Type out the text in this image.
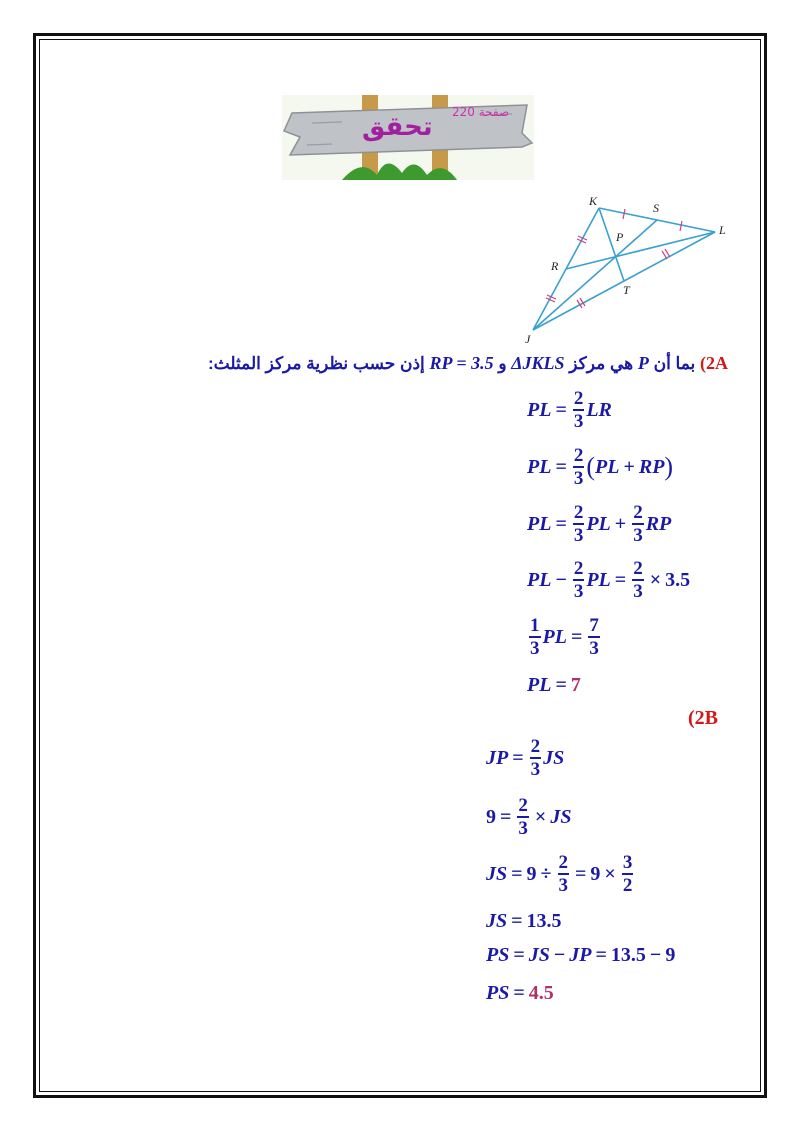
تحقق صفحة 220
K	S
L
P
R
T
J
2A) بما أن P هي مركز ΔJKLS و RP = 3.5 إذن حسب نظرية مركز المثلث:
PL = $\frac{2}{3}$ LR
PL = $\frac{2}{3}$ ( PL + RP )
PL = $\frac{2}{3}$ PL + $\frac{2}{3}$ RP
PL − $\frac{2}{3}$ PL = $\frac{2}{3} \times 3.5$
$\frac{1}{3}$ PL = $\frac{7}{3}$
PL = 7
(2B
JP = $\frac{2}{3}$ JS
$9 = \frac{2}{3}$ × JS
JS = $9 \div \frac{2}{3} = 9 \times \frac{3}{2}$
JS = 13.5
PS = JS − JP = 13.5 − 9
PS = 4.5
